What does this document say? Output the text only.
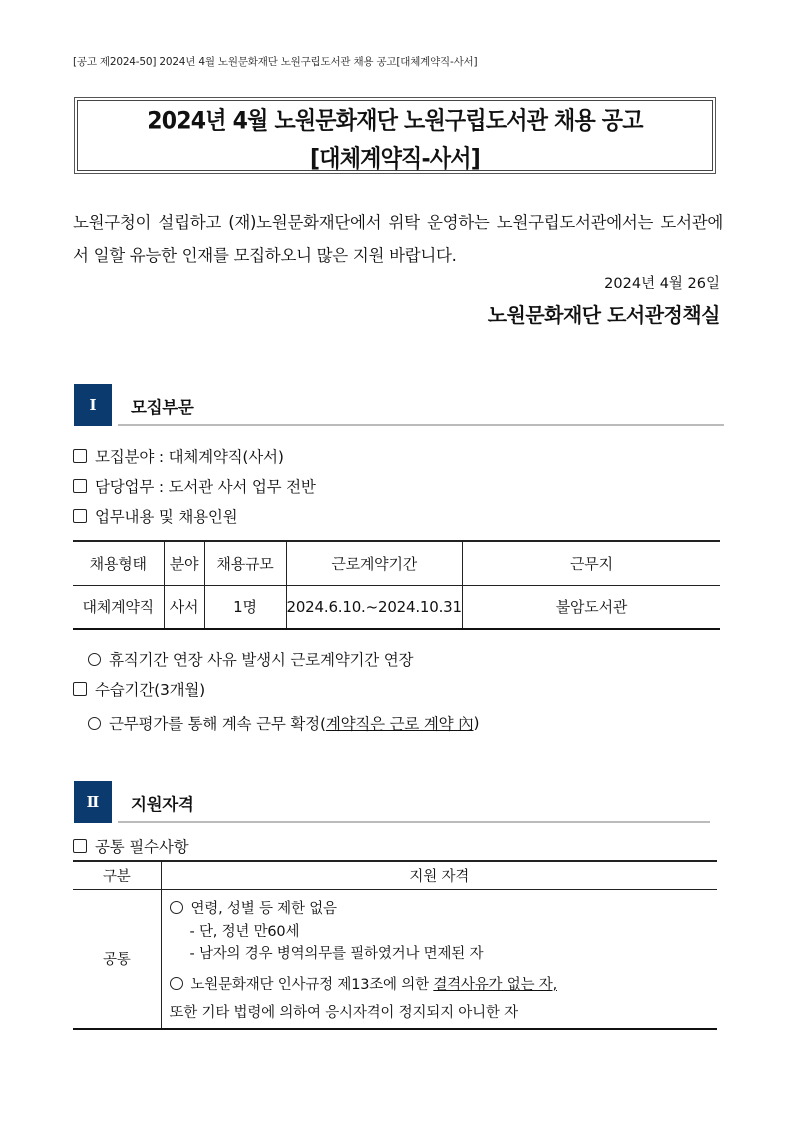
[공고 제2024-50] 2024년 4월 노원문화재단 노원구립도서관 채용 공고[대체계약직-사서]
2024년 4월 노원문화재단 노원구립도서관 채용 공고
[대체계약직-사서]
노원구청이 설립하고 (재)노원문화재단에서 위탁 운영하는 노원구립도서관에서는 도서관에서 일할 유능한 인재를 모집하오니 많은 지원 바랍니다.
2024년 4월 26일
노원문화재단 도서관정책실
Ⅰ	모집부문
모집분야 : 대체계약직(사서)
담당업무 : 도서관 사서 업무 전반
업무내용 및 채용인원
채용형태	분야	채용규모	근로계약기간	근무지
대체계약직	사서	1명	2024.6.10.~2024.10.31	불암도서관
휴직기간 연장 사유 발생시 근로계약기간 연장
수습기간(3개월)
근무평가를 통해 계속 근무 확정( 계약직은 근로 계약 內 )
Ⅱ	지원자격
공통 필수사항
구분	지원 자격
공통	
연령, 성별 등 제한 없음
- 단, 정년 만60세
- 남자의 경우 병역의무를 필하였거나 면제된 자
노원문화재단 인사규정 제13조에 의한
결격사유가 없는 자,
또한 기타 법령에 의하여 응시자격이 정지되지 아니한 자
